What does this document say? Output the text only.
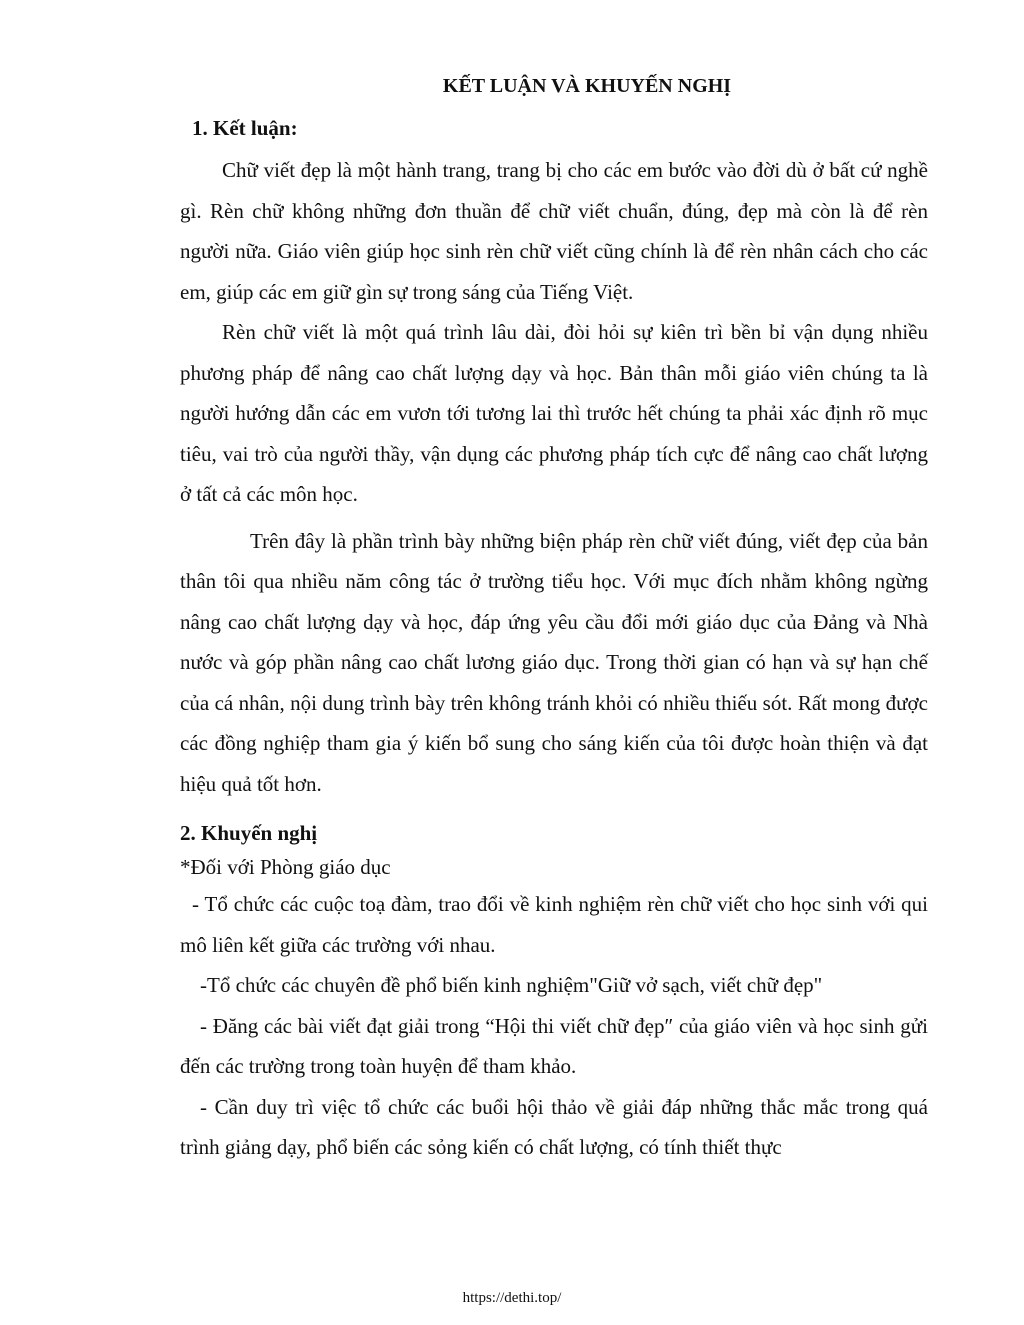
KẾT LUẬN VÀ KHUYẾN NGHỊ
1. Kết luận:

Chữ viết đẹp là một hành trang, trang bị cho các em bước vào đời dù ở bất cứ nghề gì. Rèn chữ không những đơn thuần để chữ viết chuẩn, đúng, đẹp mà còn là để rèn người nữa. Giáo viên giúp học sinh rèn chữ viết cũng chính là để rèn nhân cách cho các em, giúp các em giữ gìn sự trong sáng của Tiếng Việt.

Rèn chữ viết là một quá trình lâu dài, đòi hỏi sự kiên trì bền bỉ vận dụng nhiều phương pháp để nâng cao chất lượng dạy và học. Bản thân mỗi giáo viên chúng ta là người hướng dẫn các em vươn tới tương lai thì trước hết chúng ta phải xác định rõ mục tiêu, vai trò của người thầy, vận dụng các phương pháp tích cực để nâng cao chất lượng ở tất cả các môn học.

Trên đây là phần trình bày những biện pháp rèn chữ viết đúng, viết đẹp của bản thân tôi qua nhiều năm công tác ở trường tiểu học. Với mục đích nhằm không ngừng nâng cao chất lượng dạy và học, đáp ứng yêu cầu đổi mới giáo dục của Đảng và Nhà nước và góp phần nâng cao chất lương giáo dục. Trong thời gian có hạn và sự hạn chế của cá nhân, nội dung trình bày trên không tránh khỏi có nhiều thiếu sót. Rất mong được các đồng nghiệp tham gia ý kiến bổ sung cho sáng kiến của tôi được hoàn thiện và đạt hiệu quả tốt hơn.

2. Khuyến nghị
*Đối với Phòng giáo dục

- Tổ chức các cuộc toạ đàm, trao đổi về kinh nghiệm rèn chữ viết cho học sinh với qui mô liên kết giữa các trường với nhau.

-Tổ chức các chuyên đề phổ biến kinh nghiệm"Giữ vở sạch, viết chữ đẹp"

- Đăng các bài viết đạt giải trong “Hội thi viết chữ đẹp″ của giáo viên và học sinh gửi đến các trường trong toàn huyện để tham khảo.

- Cần duy trì việc tổ chức các buổi hội thảo về giải đáp những thắc mắc trong quá trình giảng dạy, phổ biến các sỏng kiến có chất lượng, có tính thiết thực

https://dethi.top/
